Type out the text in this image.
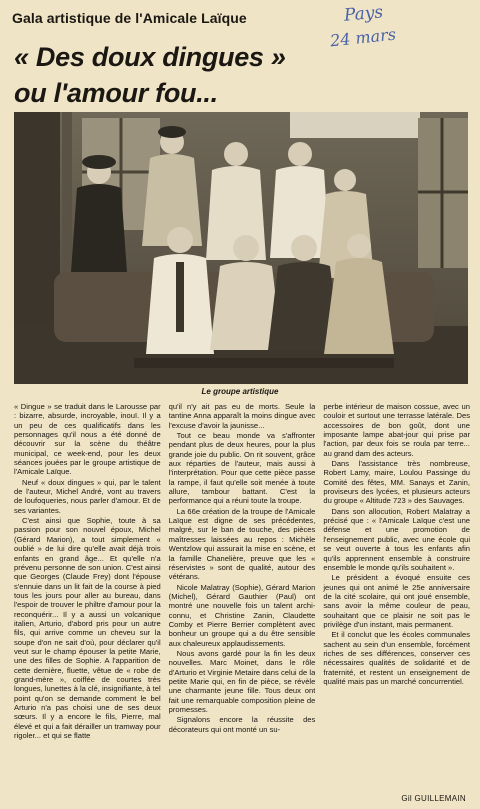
Gala artistique de l'Amicale Laïque	Pays
24 mars
« Des doux dingues »
ou l'amour fou...
Le groupe artistique

« Dingue » se traduit dans le Larousse par : bizarre, absurde, incroyable, inouï. Il y a un peu de ces qualificatifs dans les personnages qu'il nous a été donné de découvrir sur la scène du théâtre municipal, ce week-end, pour les deux séances jouées par le groupe artistique de l'Amicale Laïque.

Neuf « doux dingues » qui, par le talent de l'auteur, Michel André, vont au travers de loufoqueries, nous parler d'amour. Et de ses variantes.

C'est ainsi que Sophie, toute à sa passion pour son nouvel époux, Michel (Gérard Marion), a tout simplement « oublié » de lui dire qu'elle avait déjà trois enfants en grand âge... Et qu'elle n'a prévenu personne de son union. C'est ainsi que Georges (Claude Frey) dont l'épouse s'ennuie dans un lit fait de la course à pied tous les jours pour aller au bureau, dans l'espoir de trouver le philtre d'amour pour la reconquérir... Il y a aussi un volcanique italien, Arturio, d'abord pris pour un autre fils, qui arrive comme un cheveu sur la soupe d'on ne sait d'où, pour déclarer qu'il veut sur le champ épouser la petite Marie, une des filles de Sophie. A l'apparition de cette dernière, fluette, vêtue de « robe de grand-mère », coiffée de courtes très longues, lunettes à la clé, insignifiante, à tel point qu'on se demande comment le bel Arturio n'a pas choisi une de ses deux sœurs. Il y a encore le fils, Pierre, mal élevé et qui a fait dérailler un tramway pour rigoler... et qui se flatte

qu'il n'y ait pas eu de morts. Seule la tantine Anna apparaît la moins dingue avec l'excuse d'avoir la jaunisse...

Tout ce beau monde va s'affronter pendant plus de deux heures, pour la plus grande joie du public. On rit souvent, grâce aux réparties de l'auteur, mais aussi à l'interprétation. Pour que cette pièce passe la rampe, il faut qu'elle soit menée à toute allure, tambour battant. C'est la performance qui a réuni toute la troupe.

La 66e création de la troupe de l'Amicale Laïque est digne de ses précédentes, malgré, sur le ban de touche, des pièces maîtresses laissées au repos : Michèle Wentzlow qui assurait la mise en scène, et la famille Chanelière, preuve que les « réservistes » sont de qualité, autour des vétérans.

Nicole Malatray (Sophie), Gérard Marion (Michel), Gérard Gauthier (Paul) ont montré une nouvelle fois un talent archi-connu, et Christine Zanin, Claudette Comby et Pierre Berrier complètent avec bonheur un groupe qui a du être sensible aux chaleureux applaudissements.

Nous avons gardé pour la fin les deux nouvelles. Marc Moinet, dans le rôle d'Arturio et Virginie Metaire dans celui de la petite Marie qui, en fin de pièce, se révèle une charmante jeune fille. Tous deux ont fait une remarquable composition pleine de promesses.

Signalons encore la réussite des décorateurs qui ont monté un su-

perbe intérieur de maison cossue, avec un couloir et surtout une terrasse latérale. Des accessoires de bon goût, dont une imposante lampe abat-jour qui prise par l'action, par deux fois se roula par terre... au grand dam des acteurs.

Dans l'assistance très nombreuse, Robert Lamy, maire, Loulou Passinge du Comité des fêtes, MM. Sanays et Zanin, proviseurs des lycées, et plusieurs acteurs du groupe « Altitude 723 » des Sauvages.

Dans son allocution, Robert Malatray a précisé que : « l'Amicale Laïque c'est une défense et une promotion de l'enseignement public, avec une école qui se veut ouverte à tous les enfants afin qu'ils apprennent ensemble à construire ensemble le monde qu'ils souhaitent ».

Le président a évoqué ensuite ces jeunes qui ont animé le 25e anniversaire de la cité scolaire, qui ont joué ensemble, sans avoir la même couleur de peau, souhaitant que ce plaisir ne soit pas le privilège d'un instant, mais permanent.

Et il conclut que les écoles communales sachent au sein d'un ensemble, forcément riches de ses différences, conserver ces nécessaires qualités de solidarité et de fraternité, et restent un enseignement de qualité mais pas un marché concurrentiel.

Gil GUILLEMAIN
